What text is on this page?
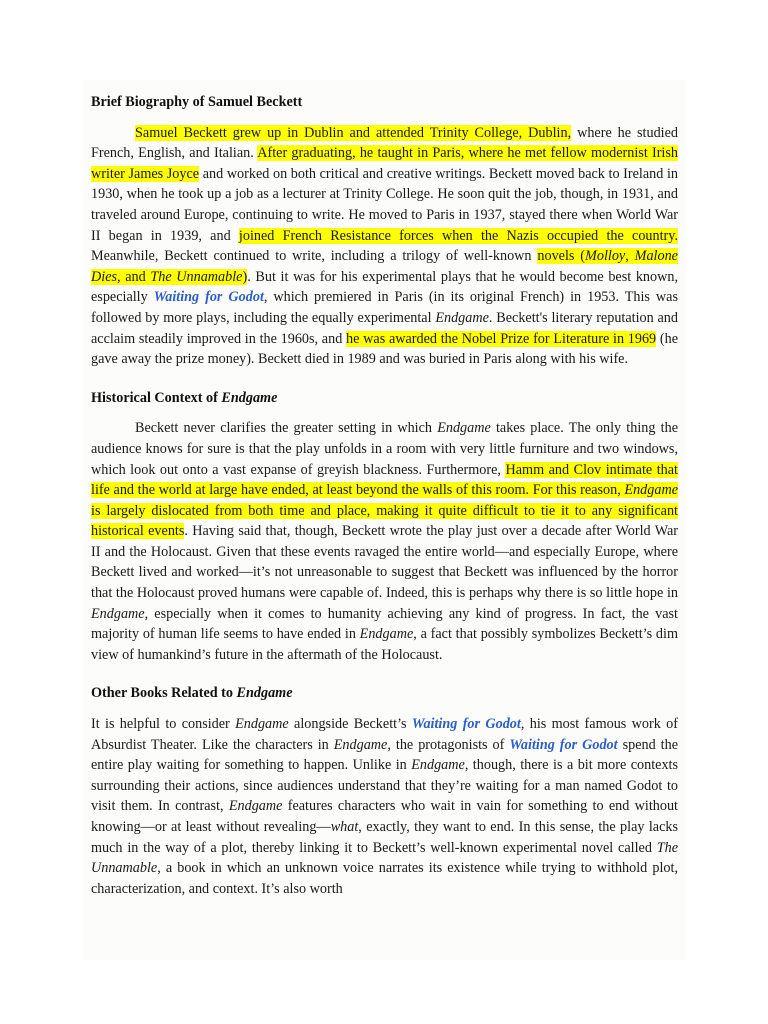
Brief Biography of Samuel Beckett

Samuel Beckett grew up in Dublin and attended Trinity College, Dublin, where he studied French, English, and Italian. After graduating, he taught in Paris, where he met fellow modernist Irish writer James Joyce and worked on both critical and creative writings. Beckett moved back to Ireland in 1930, when he took up a job as a lecturer at Trinity College. He soon quit the job, though, in 1931, and traveled around Europe, continuing to write. He moved to Paris in 1937, stayed there when World War II began in 1939, and joined French Resistance forces when the Nazis occupied the country. Meanwhile, Beckett continued to write, including a trilogy of well-known novels (Molloy, Malone Dies, and The Unnamable). But it was for his experimental plays that he would become best known, especially Waiting for Godot, which premiered in Paris (in its original French) in 1953. This was followed by more plays, including the equally experimental Endgame. Beckett's literary reputation and acclaim steadily improved in the 1960s, and he was awarded the Nobel Prize for Literature in 1969 (he gave away the prize money). Beckett died in 1989 and was buried in Paris along with his wife.

Historical Context of Endgame

Beckett never clarifies the greater setting in which Endgame takes place. The only thing the audience knows for sure is that the play unfolds in a room with very little furniture and two windows, which look out onto a vast expanse of greyish blackness. Furthermore, Hamm and Clov intimate that life and the world at large have ended, at least beyond the walls of this room. For this reason, Endgame is largely dislocated from both time and place, making it quite difficult to tie it to any significant historical events. Having said that, though, Beckett wrote the play just over a decade after World War II and the Holocaust. Given that these events ravaged the entire world—and especially Europe, where Beckett lived and worked—it’s not unreasonable to suggest that Beckett was influenced by the horror that the Holocaust proved humans were capable of. Indeed, this is perhaps why there is so little hope in Endgame, especially when it comes to humanity achieving any kind of progress. In fact, the vast majority of human life seems to have ended in Endgame, a fact that possibly symbolizes Beckett’s dim view of humankind’s future in the aftermath of the Holocaust.

Other Books Related to Endgame

It is helpful to consider Endgame alongside Beckett’s Waiting for Godot, his most famous work of Absurdist Theater. Like the characters in Endgame, the protagonists of Waiting for Godot spend the entire play waiting for something to happen. Unlike in Endgame, though, there is a bit more contexts surrounding their actions, since audiences understand that they’re waiting for a man named Godot to visit them. In contrast, Endgame features characters who wait in vain for something to end without knowing—or at least without revealing—what, exactly, they want to end. In this sense, the play lacks much in the way of a plot, thereby linking it to Beckett’s well-known experimental novel called The Unnamable, a book in which an unknown voice narrates its existence while trying to withhold plot, characterization, and context. It’s also worth
